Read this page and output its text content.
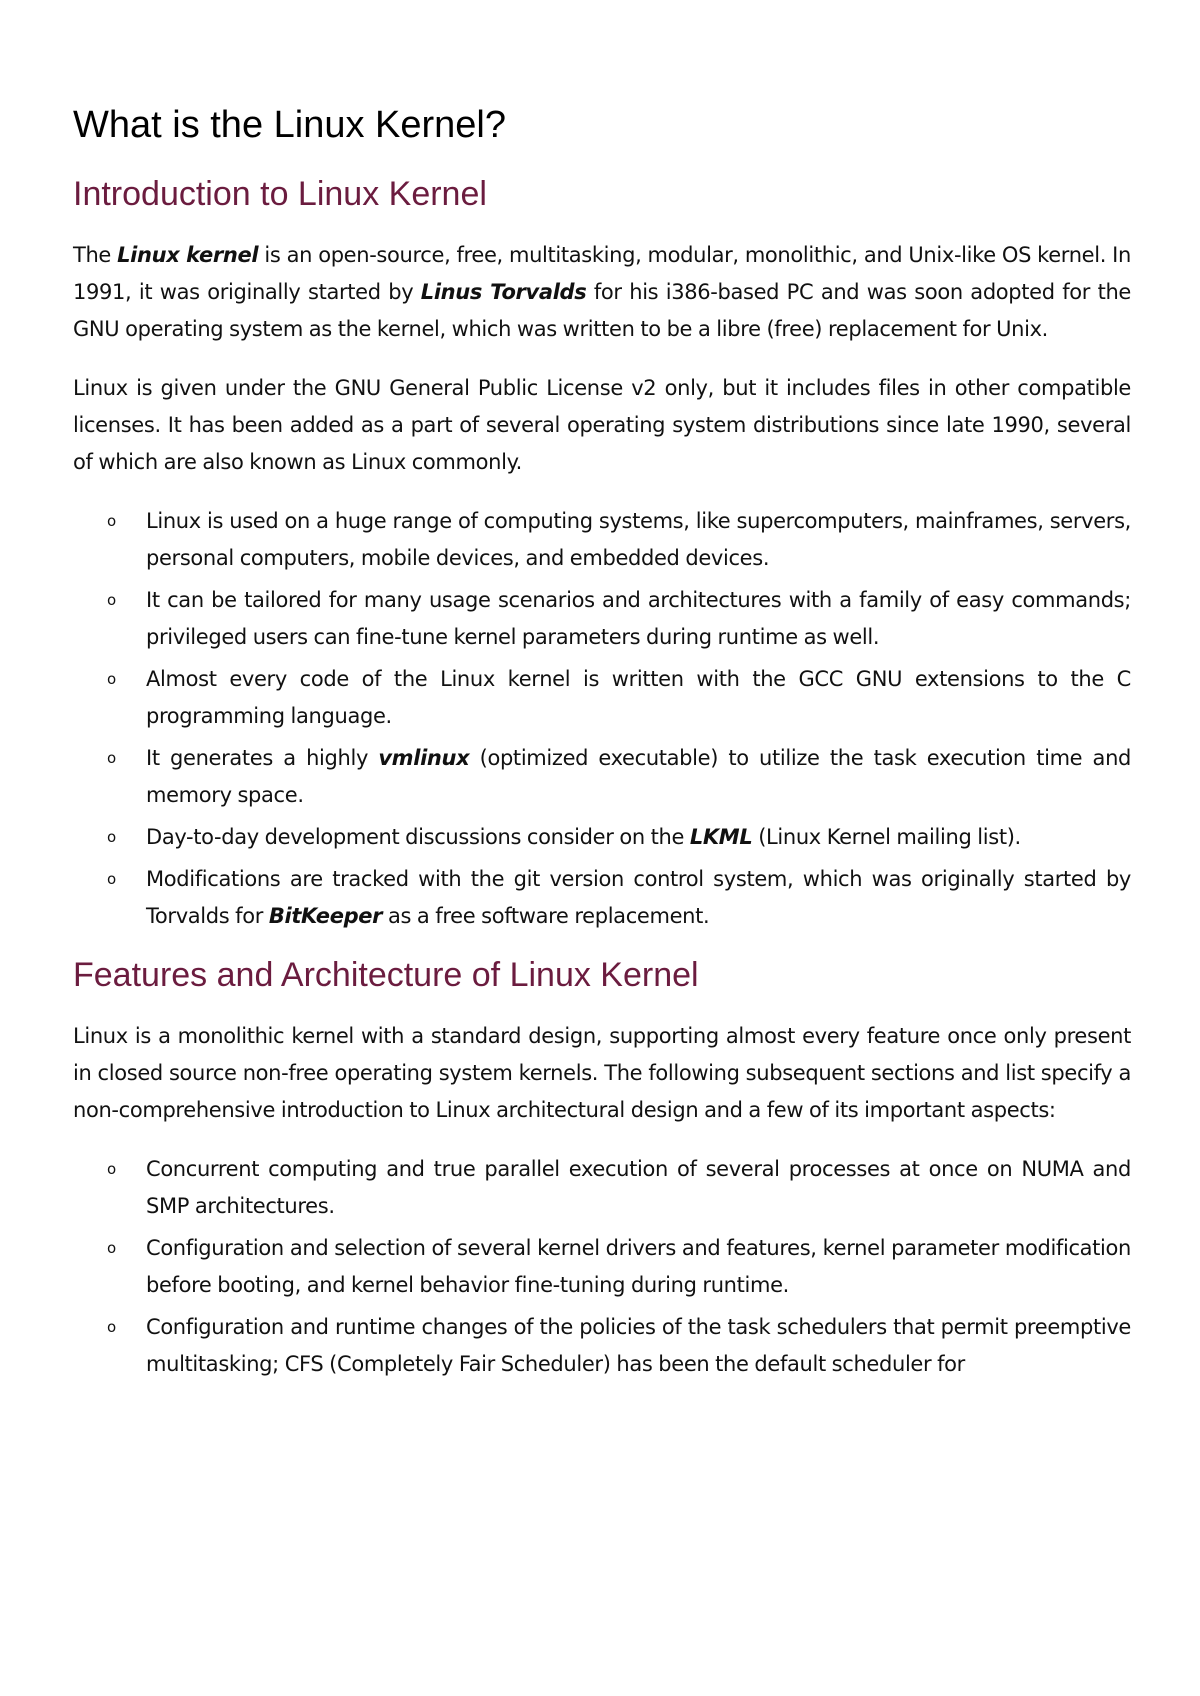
What is the Linux Kernel?
Introduction to Linux Kernel

The Linux kernel is an open-source, free, multitasking, modular, monolithic, and Unix-like OS kernel. In 1991, it was originally started by Linus Torvalds for his i386-based PC and was soon adopted for the GNU operating system as the kernel, which was written to be a libre (free) replacement for Unix.

Linux is given under the GNU General Public License v2 only, but it includes files in other compatible licenses. It has been added as a part of several operating system distributions since late 1990, several of which are also known as Linux commonly.

o Linux is used on a huge range of computing systems, like supercomputers, mainframes, servers, personal computers, mobile devices, and embedded devices.
o It can be tailored for many usage scenarios and architectures with a family of easy commands; privileged users can fine-tune kernel parameters during runtime as well.
o Almost every code of the Linux kernel is written with the GCC GNU extensions to the C programming language.
o It generates a highly vmlinux (optimized executable) to utilize the task execution time and memory space.
o Day-to-day development discussions consider on the LKML (Linux Kernel mailing list).
o Modifications are tracked with the git version control system, which was originally started by Torvalds for BitKeeper as a free software replacement.
Features and Architecture of Linux Kernel

Linux is a monolithic kernel with a standard design, supporting almost every feature once only present in closed source non-free operating system kernels. The following subsequent sections and list specify a non-comprehensive introduction to Linux architectural design and a few of its important aspects:

o Concurrent computing and true parallel execution of several processes at once on NUMA and SMP architectures.
o Configuration and selection of several kernel drivers and features, kernel parameter modification before booting, and kernel behavior fine-tuning during runtime.
o Configuration and runtime changes of the policies of the task schedulers that permit preemptive multitasking; CFS (Completely Fair Scheduler) has been the default scheduler for
